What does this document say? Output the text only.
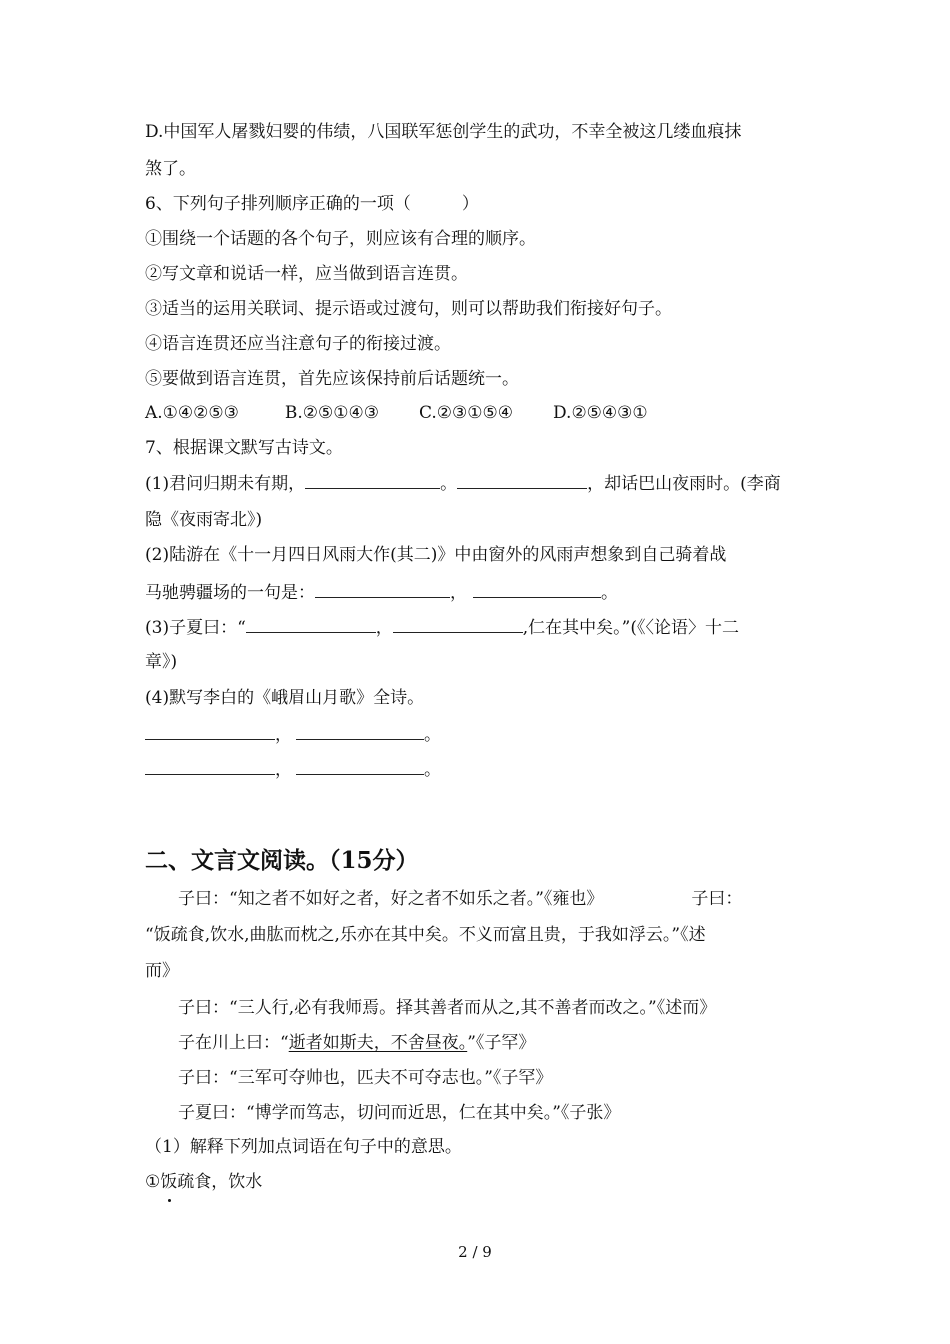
D.中国军人屠戮妇婴的伟绩，八国联军惩创学生的武功，不幸全被这几缕血痕抹
煞了。
6、下列句子排列顺序正确的一项（　　　）
①围绕一个话题的各个句子，则应该有合理的顺序。
②写文章和说话一样，应当做到语言连贯。
③适当的运用关联词、提示语或过渡句，则可以帮助我们衔接好句子。
④语言连贯还应当注意句子的衔接过渡。
⑤要做到语言连贯，首先应该保持前后话题统一。
A.①④②⑤③	B.②⑤①④③ C.②③①⑤④ D.②⑤④③①
7、根据课文默写古诗文。
(1)君问归期未有期，	。	，却话巴山夜雨时。(李商
隐《夜雨寄北》)
(2)陆游在《十一月四日风雨大作(其二)》中由窗外的风雨声想象到自己骑着战
马驰骋疆场的一句是：	，	。
(3)子夏曰：“	，	,仁在其中矣。”(《〈论语〉十二
章》)
(4)默写李白的《峨眉山月歌》全诗。
，	。
，	。
二、文言文阅读。（15分）
子曰：“知之者不如好之者，好之者不如乐之者。”《雍也》	子曰：
“饭疏食,饮水,曲肱而枕之,乐亦在其中矣。不义而富且贵，于我如浮云。”《述
而》
子曰：“三人行,必有我师焉。择其善者而从之,其不善者而改之。”《述而》
子在川上曰：“逝者如斯夫，不舍昼夜。”《子罕》
子曰：“三军可夺帅也，匹夫不可夺志也。”《子罕》
子夏曰：“博学而笃志，切问而近思，仁在其中矣。”《子张》
（1）解释下列加点词语在句子中的意思。
①饭疏食，饮水
2 / 9
